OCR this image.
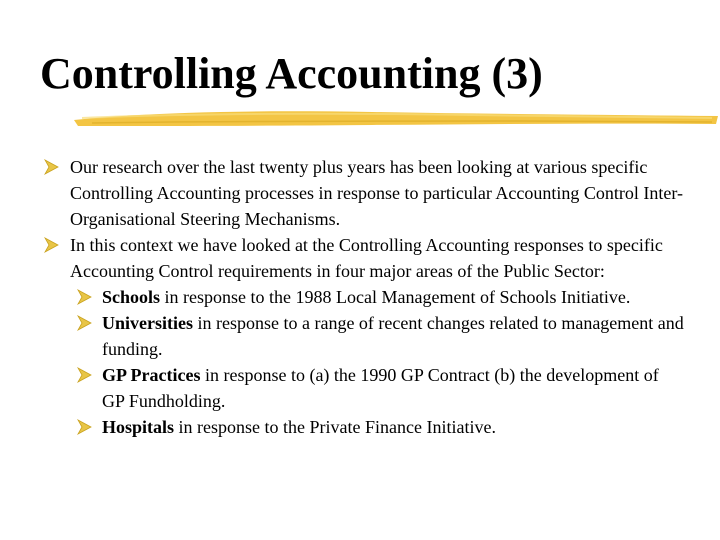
Controlling Accounting (3)

Our research over the last twenty plus years has been looking at various specific Controlling Accounting processes in response to particular Accounting Control Inter-Organisational Steering Mechanisms.

In this context we have looked at the Controlling Accounting responses to specific Accounting Control requirements in four major areas of the Public Sector:

Schools in response to the 1988 Local Management of Schools Initiative.

Universities in response to a range of recent changes related to management and funding.

GP Practices in response to (a) the 1990 GP Contract (b) the development of GP Fundholding.

Hospitals in response to the Private Finance Initiative.
